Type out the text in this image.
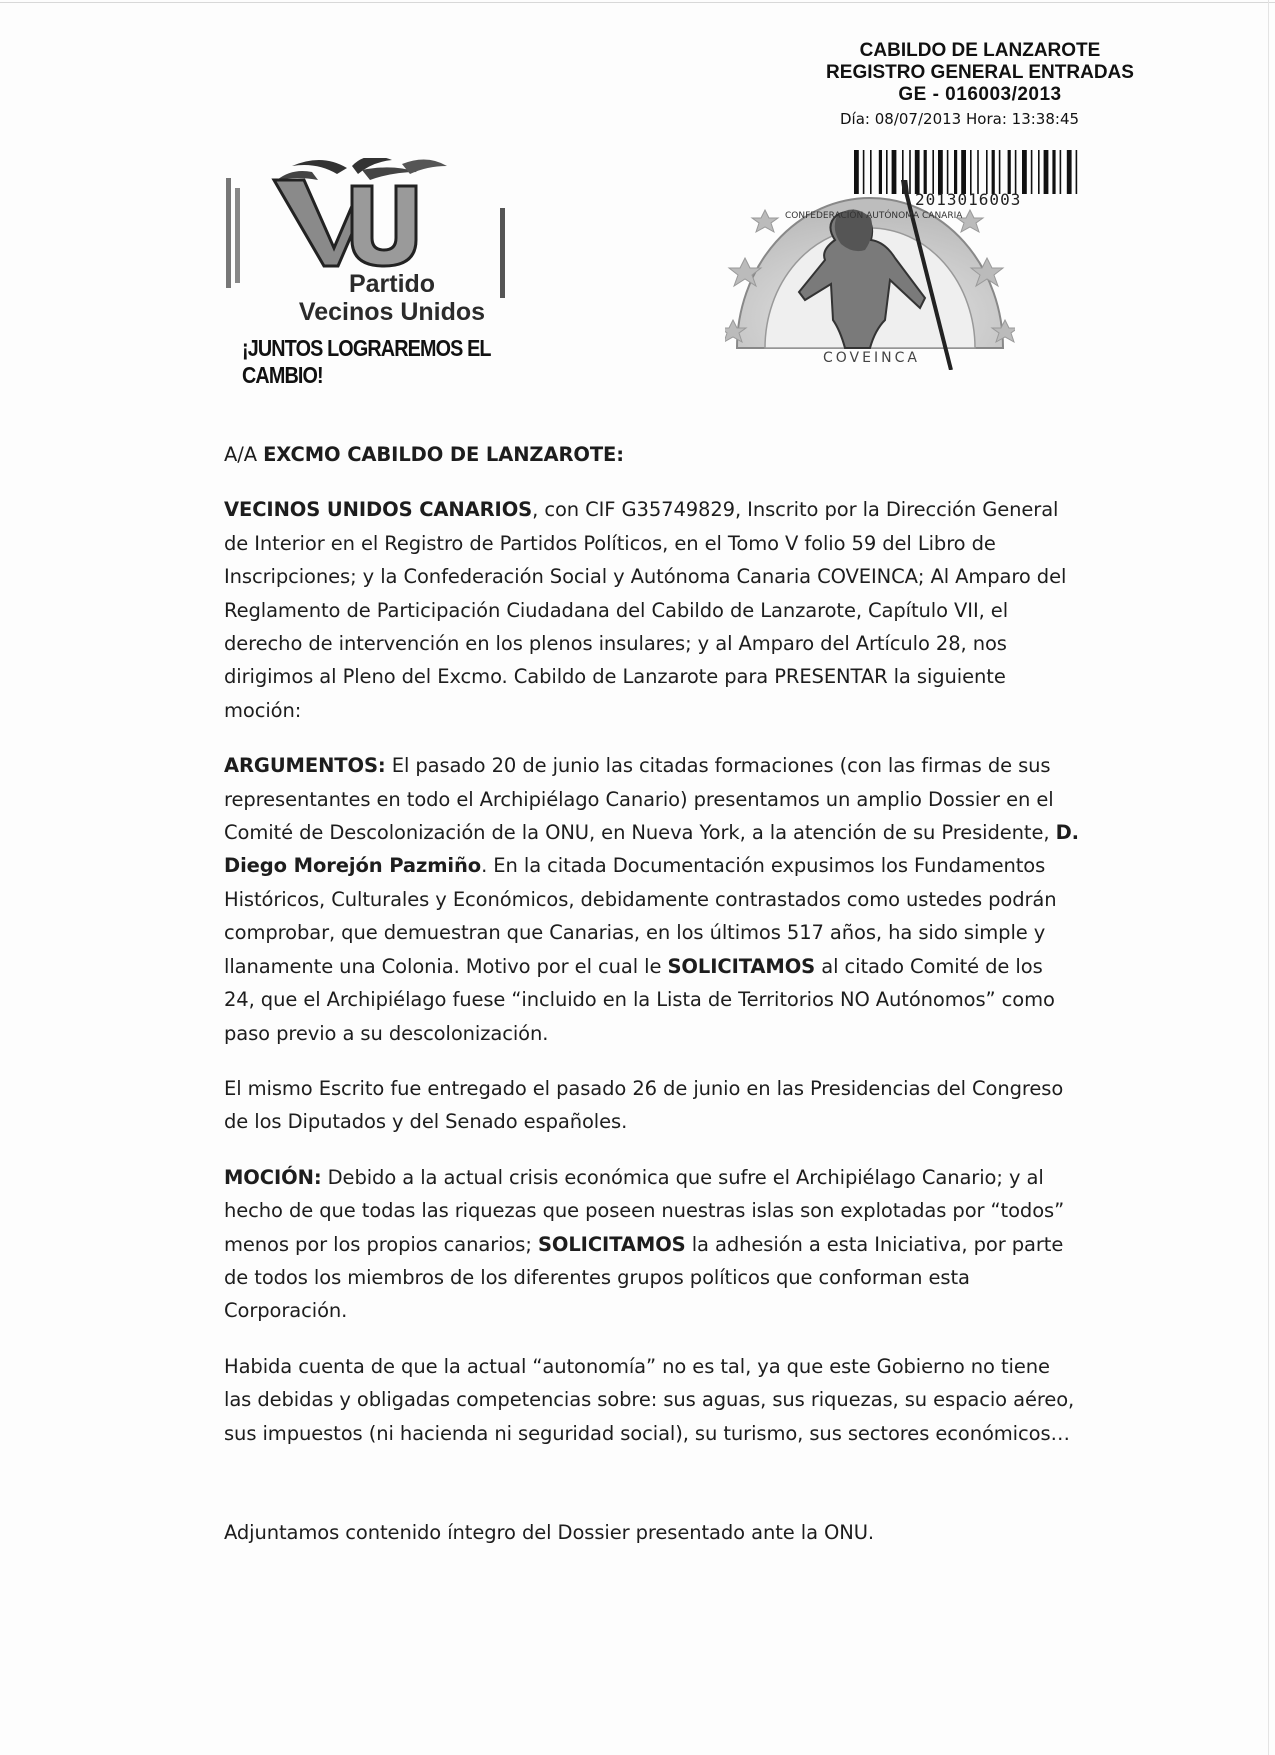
CABILDO DE LANZAROTE
REGISTRO GENERAL ENTRADAS
GE - 016003/2013
Día: 08/07/2013 Hora: 13:38:45
2013016003
Partido
Vecinos Unidos
¡JUNTOS LOGRAREMOS EL CAMBIO!
CONFEDERACIÓN AUTÓNOMA CANARIA
COVEINCA

A/A EXCMO CABILDO DE LANZAROTE:

VECINOS UNIDOS CANARIOS, con CIF G35749829, Inscrito por la Dirección General de Interior en el Registro de Partidos Políticos, en el Tomo V folio 59 del Libro de Inscripciones; y la Confederación Social y Autónoma Canaria COVEINCA; Al Amparo del Reglamento de Participación Ciudadana del Cabildo de Lanzarote, Capítulo VII, el derecho de intervención en los plenos insulares; y al Amparo del Artículo 28, nos dirigimos al Pleno del Excmo. Cabildo de Lanzarote para PRESENTAR la siguiente moción:

ARGUMENTOS: El pasado 20 de junio las citadas formaciones (con las firmas de sus representantes en todo el Archipiélago Canario) presentamos un amplio Dossier en el Comité de Descolonización de la ONU, en Nueva York, a la atención de su Presidente, D. Diego Morejón Pazmiño. En la citada Documentación expusimos los Fundamentos Históricos, Culturales y Económicos, debidamente contrastados como ustedes podrán comprobar, que demuestran que Canarias, en los últimos 517 años, ha sido simple y llanamente una Colonia. Motivo por el cual le SOLICITAMOS al citado Comité de los 24, que el Archipiélago fuese “incluido en la Lista de Territorios NO Autónomos” como paso previo a su descolonización.

El mismo Escrito fue entregado el pasado 26 de junio en las Presidencias del Congreso de los Diputados y del Senado españoles.

MOCIÓN: Debido a la actual crisis económica que sufre el Archipiélago Canario; y al hecho de que todas las riquezas que poseen nuestras islas son explotadas por “todos” menos por los propios canarios; SOLICITAMOS la adhesión a esta Iniciativa, por parte de todos los miembros de los diferentes grupos políticos que conforman esta Corporación.

Habida cuenta de que la actual “autonomía” no es tal, ya que este Gobierno no tiene las debidas y obligadas competencias sobre: sus aguas, sus riquezas, su espacio aéreo, sus impuestos (ni hacienda ni seguridad social), su turismo, sus sectores económicos…

Adjuntamos contenido íntegro del Dossier presentado ante la ONU.
